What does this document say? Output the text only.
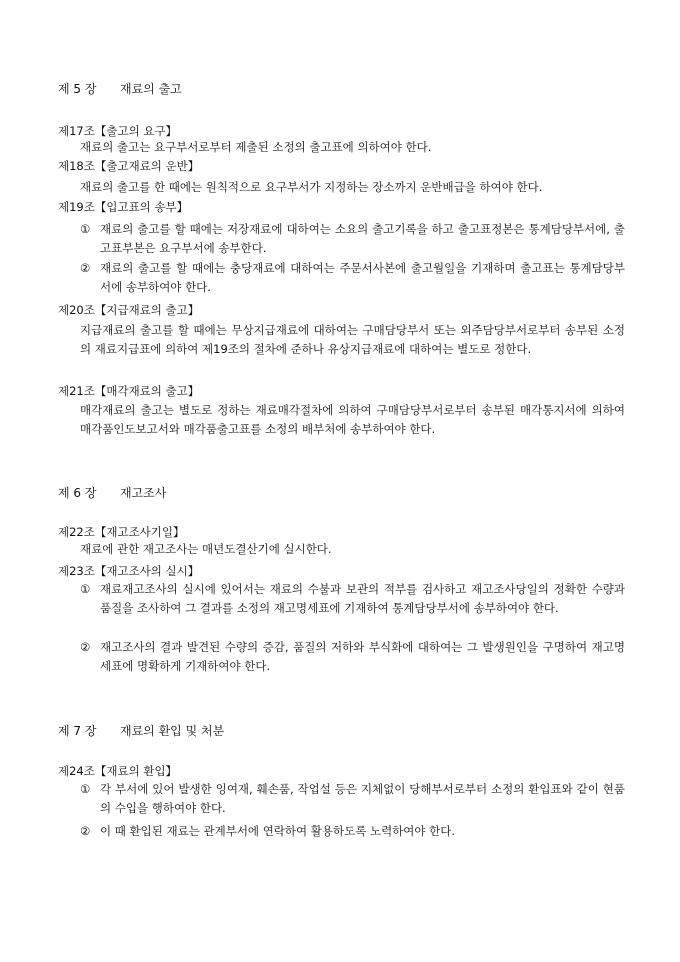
제 5 장 재료의 출고
제17조【출고의 요구】
재료의 출고는 요구부서로부터 제출된 소정의 출고표에 의하여야 한다.
제18조【출고재료의 운반】
재료의 출고를 한 때에는 원칙적으로 요구부서가 지정하는 장소까지 운반배급을 하여야 한다.
제19조【입고표의 송부】
① 재료의 출고를 할 때에는 저장재료에 대하여는 소요의 출고기록을 하고 출고표정본은 통계담당부서에, 출고표부본은 요구부서에 송부한다.
② 재료의 출고를 할 때에는 충당재료에 대하여는 주문서사본에 출고월일을 기재하며 출고표는 통계담당부서에 송부하여야 한다.
제20조【지급재료의 출고】
지급재료의 출고를 할 때에는 무상지급재료에 대하여는 구매담당부서 또는 외주담당부서로부터 송부된 소정의 재료지급표에 의하여 제19조의 절차에 준하나 유상지급재료에 대하여는 별도로 정한다.
제21조【매각재료의 출고】
매각재료의 출고는 별도로 정하는 재료매각절차에 의하여 구매담당부서로부터 송부된 매각통지서에 의하여 매각품인도보고서와 매각품출고표를 소정의 배부처에 송부하여야 한다.
제 6 장 재고조사
제22조【재고조사기일】
재료에 관한 재고조사는 매년도결산기에 실시한다.
제23조【재고조사의 실시】
① 재료재고조사의 실시에 있어서는 재료의 수불과 보관의 적부를 검사하고 재고조사당일의 정확한 수량과 품질을 조사하여 그 결과를 소정의 재고명세표에 기재하여 통계담당부서에 송부하여야 한다.
② 재고조사의 결과 발견된 수량의 증감, 품질의 저하와 부식화에 대하여는 그 발생원인을 구명하여 재고명세표에 명확하게 기재하여야 한다.
제 7 장 재료의 환입 및 처분
제24조【재료의 환입】
① 각 부서에 있어 발생한 잉여재, 훼손품, 작업설 등은 지체없이 당해부서로부터 소정의 환입표와 같이 현품의 수입을 행하여야 한다.
② 이 때 환입된 재료는 관계부서에 연락하여 활용하도록 노력하여야 한다.
